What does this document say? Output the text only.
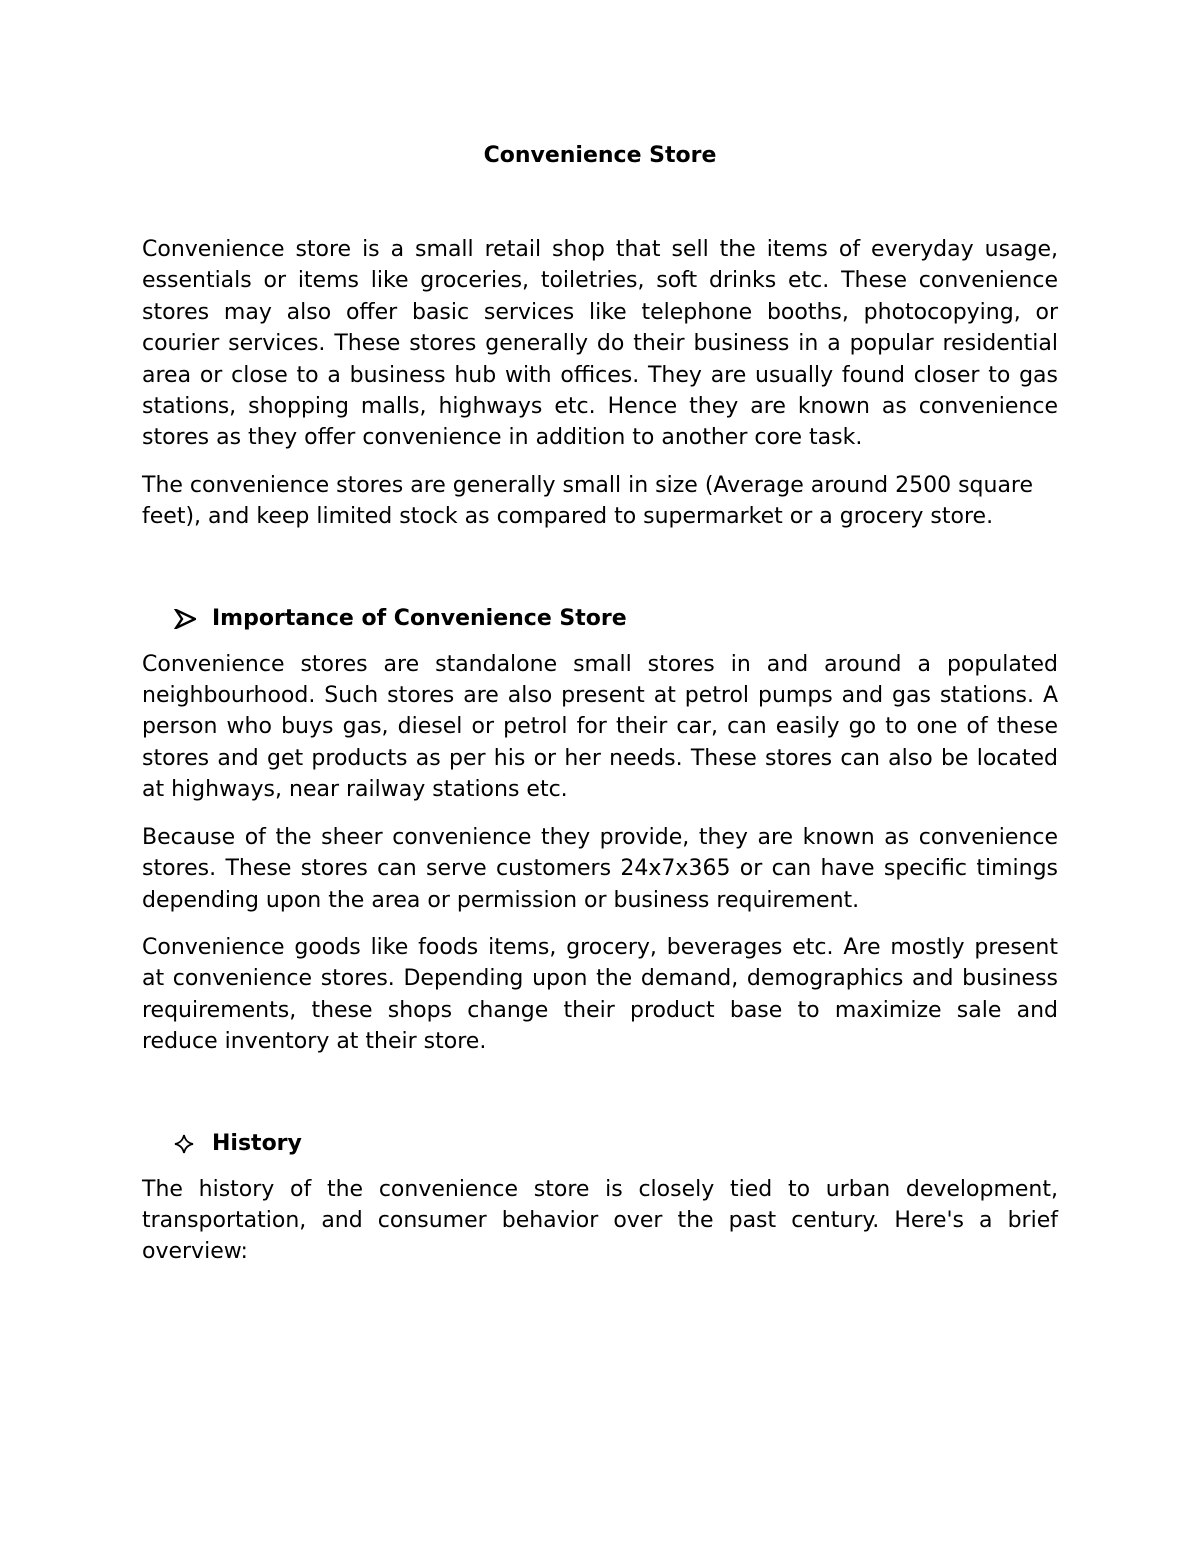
Convenience Store

Convenience store is a small retail shop that sell the items of everyday usage, essentials or items like groceries, toiletries, soft drinks etc. These convenience stores may also offer basic services like telephone booths, photocopying, or courier services. These stores generally do their business in a popular residential area or close to a business hub with offices. They are usually found closer to gas stations, shopping malls, highways etc. Hence they are known as convenience stores as they offer convenience in addition to another core task.

The convenience stores are generally small in size (Average around 2500 square feet), and keep limited stock as compared to supermarket or a grocery store.

Importance of Convenience Store

Convenience stores are standalone small stores in and around a populated neighbourhood. Such stores are also present at petrol pumps and gas stations. A person who buys gas, diesel or petrol for their car, can easily go to one of these stores and get products as per his or her needs. These stores can also be located at highways, near railway stations etc.

Because of the sheer convenience they provide, they are known as convenience stores. These stores can serve customers 24x7x365 or can have specific timings depending upon the area or permission or business requirement.

Convenience goods like foods items, grocery, beverages etc. Are mostly present at convenience stores. Depending upon the demand, demographics and business requirements, these shops change their product base to maximize sale and reduce inventory at their store.

History

The history of the convenience store is closely tied to urban development, transportation, and consumer behavior over the past century. Here's a brief overview:
